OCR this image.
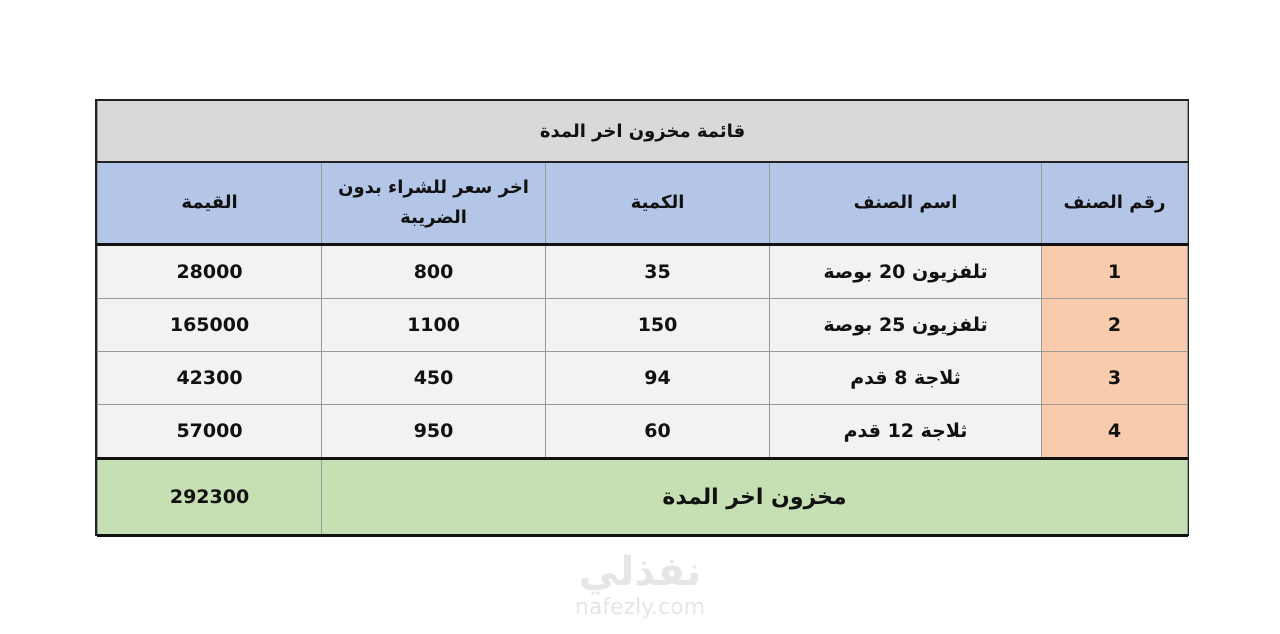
قائمة مخزون اخر المدة				
رقم الصنف	اسم الصنف	الكمية	اخر سعر للشراء بدون الضريبة	القيمة
1	تلفزيون 20 بوصة	35	800	28000
2	تلفزيون 25 بوصة	150	1100	165000
3	ثلاجة 8 قدم	94	450	42300
4	ثلاجة 12 قدم	60	950	57000
مخزون اخر المدة				292300
نفذلي
nafezly.com
